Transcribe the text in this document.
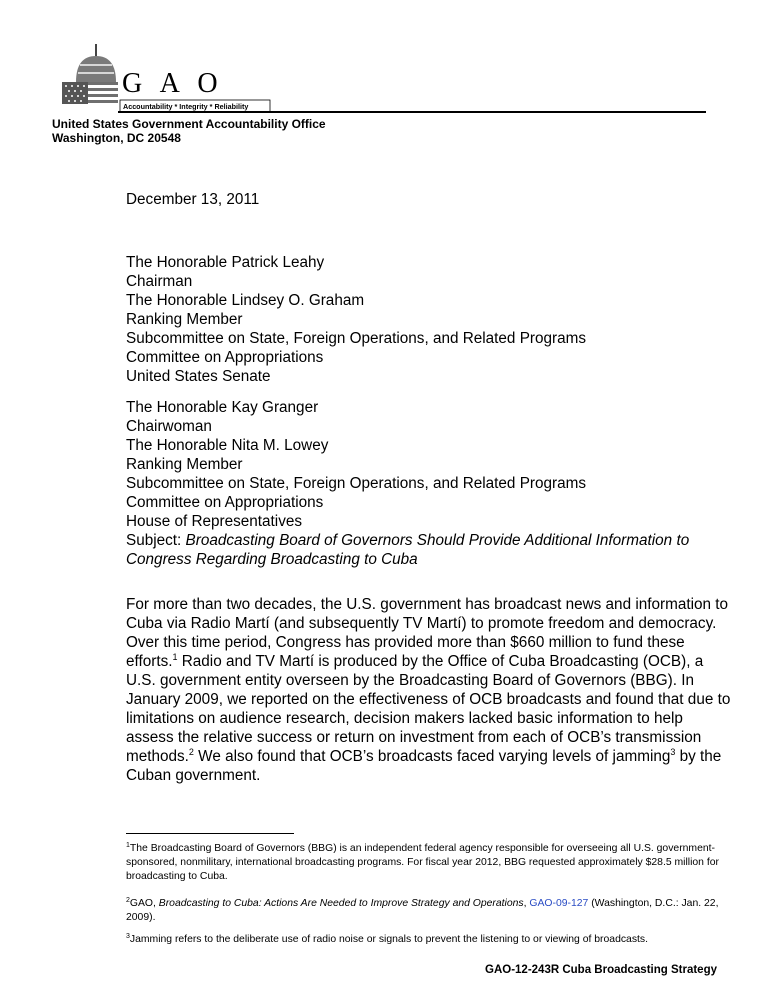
G A O
Accountability * Integrity * Reliability
United States Government Accountability Office
Washington, DC 20548
December 13, 2011
The Honorable Patrick Leahy
Chairman
The Honorable Lindsey O. Graham
Ranking Member
Subcommittee on State, Foreign Operations, and Related Programs
Committee on Appropriations
United States Senate
The Honorable Kay Granger
Chairwoman
The Honorable Nita M. Lowey
Ranking Member
Subcommittee on State, Foreign Operations, and Related Programs
Committee on Appropriations
House of Representatives
Subject: Broadcasting Board of Governors Should Provide Additional Information to Congress Regarding Broadcasting to Cuba
For more than two decades, the U.S. government has broadcast news and information to Cuba via Radio Martí (and subsequently TV Martí) to promote freedom and democracy. Over this time period, Congress has provided more than $660 million to fund these efforts.$^1$ Radio and TV Martí is produced by the Office of Cuba Broadcasting (OCB), a U.S. government entity overseen by the Broadcasting Board of Governors (BBG). In January 2009, we reported on the effectiveness of OCB broadcasts and found that due to limitations on audience research, decision makers lacked basic information to help assess the relative success or return on investment from each of OCB’s transmission methods.$^2$ We also found that OCB’s broadcasts faced varying levels of jamming$^3$ by the Cuban government.
$^1$The Broadcasting Board of Governors (BBG) is an independent federal agency responsible for overseeing all U.S. government-sponsored, nonmilitary, international broadcasting programs. For fiscal year 2012, BBG requested approximately $28.5 million for broadcasting to Cuba.
$^2$GAO, Broadcasting to Cuba: Actions Are Needed to Improve Strategy and Operations, GAO-09-127 (Washington, D.C.: Jan. 22, 2009).
$^3$Jamming refers to the deliberate use of radio noise or signals to prevent the listening to or viewing of broadcasts.
GAO-12-243R Cuba Broadcasting Strategy
